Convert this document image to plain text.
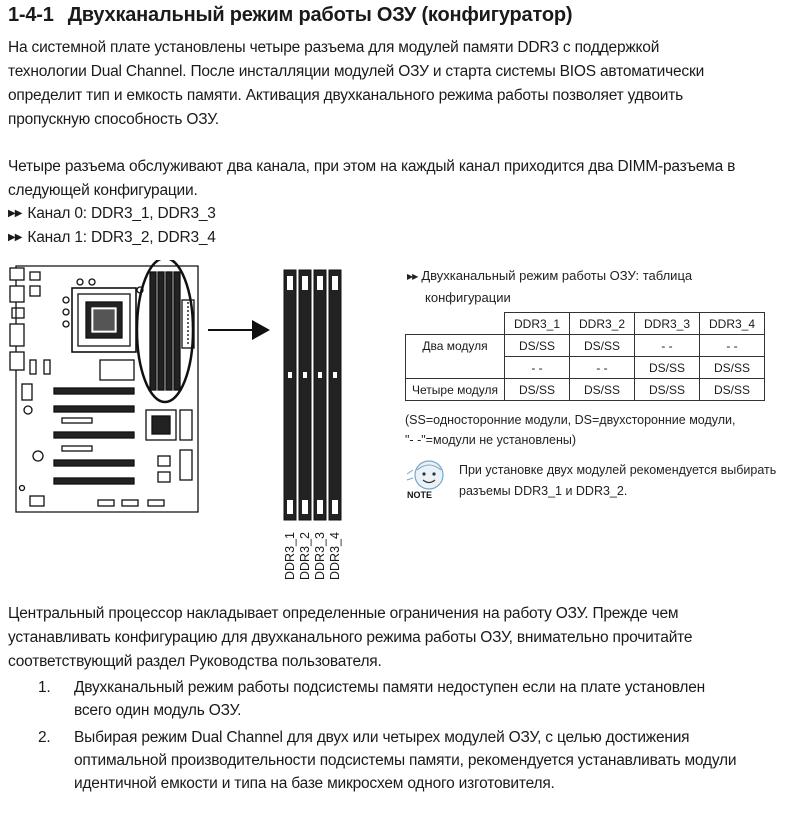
1-4-1 Двухканальный режим работы ОЗУ (конфигуратор)
На системной плате установлены четыре разъема для модулей памяти DDR3 с поддержкой
технологии Dual Channel. После инсталляции модулей ОЗУ и старта системы BIOS автоматически
определит тип и емкость памяти. Активация двухканального режима работы позволяет удвоить
пропускную способность ОЗУ.
Четыре разъема обслуживают два канала, при этом на каждый канал приходится два DIMM-разъема в
следующей конфигурации.
▶▶ Канал 0: DDR3_1, DDR3_3
▶▶ Канал 1: DDR3_2, DDR3_4
DDR3_1 DDR3_2 DDR3_3 DDR3_4
▶▶ Двухканальный режим работы ОЗУ: таблица
конфигурации
	DDR3_1	DDR3_2	DDR3_3	DDR3_4
Два модуля	DS/SS	DS/SS	- -	- -
	- -	- -	DS/SS	DS/SS
Четыре модуля	DS/SS	DS/SS	DS/SS	DS/SS
(SS=односторонние модули, DS=двухсторонние модули,
"- -"=модули не установлены)
NOTE
При установке двух модулей рекомендуется выбирать
разъемы DDR3_1 и DDR3_2.
Центральный процессор накладывает определенные ограничения на работу ОЗУ. Прежде чем
устанавливать конфигурацию для двухканального режима работы ОЗУ, внимательно прочитайте
соответствующий раздел Руководства пользователя.
1. Двухканальный режим работы подсистемы памяти недоступен если на плате установлен
всего один модуль ОЗУ.
2. Выбирая режим Dual Channel для двух или четырех модулей ОЗУ, с целью достижения
оптимальной производительности подсистемы памяти, рекомендуется устанавливать модули
идентичной емкости и типа на базе микросхем одного изготовителя.
